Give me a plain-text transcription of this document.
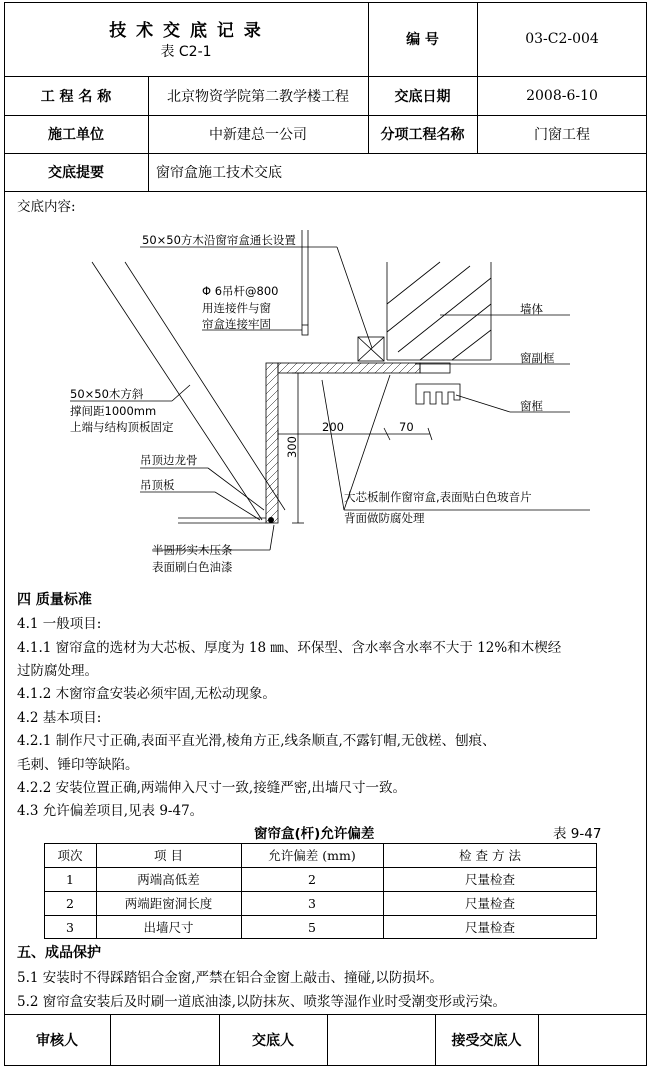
技 术 交 底 记 录
表 C2-1
编 号	03-C2-004
工 程 名 称	北京物资学院第二教学楼工程	交底日期	2008-6-10
施工单位	中新建总一公司	分项工程名称	门窗工程
交底提要	窗帘盒施工技术交底
交底内容:
50×50方木沿窗帘盒通长设置
Φ 6吊杆@800
用连接件与窗
帘盒连接牢固
50×50木方斜
撑间距1000mm
上端与结构顶板固定
吊顶边龙骨
吊顶板
半圆形实木压条
表面刷白色油漆
墙体
窗副框
窗框
大芯板制作窗帘盒,表面贴白色玻音片
背面做防腐处理
200	70
300
四 质量标准
4.1 一般项目:
4.1.1 窗帘盒的选材为大芯板、厚度为 18 ㎜、环保型、含水率含水率不大于 12%和木楔经
过防腐处理。
4.1.2 木窗帘盒安装必须牢固,无松动现象。
4.2 基本项目:
4.2.1 制作尺寸正确,表面平直光滑,棱角方正,线条顺直,不露钉帽,无戗槎、刨痕、
毛刺、锤印等缺陷。
4.2.2 安装位置正确,两端伸入尺寸一致,接缝严密,出墙尺寸一致。
4.3 允许偏差项目,见表 9-47。
窗帘盒(杆)允许偏差	表 9-47
项次	项 目	允许偏差 (mm)	检 查 方 法
1	两端高低差	2	尺量检查
2	两端距窗洞长度	3	尺量检查
3	出墙尺寸	5	尺量检查
五、成品保护
5.1 安装时不得踩踏铝合金窗,严禁在铝合金窗上敲击、撞碰,以防损坏。
5.2 窗帘盒安装后及时刷一道底油漆,以防抹灰、喷浆等湿作业时受潮变形或污染。
审核人	交底人	接受交底人
